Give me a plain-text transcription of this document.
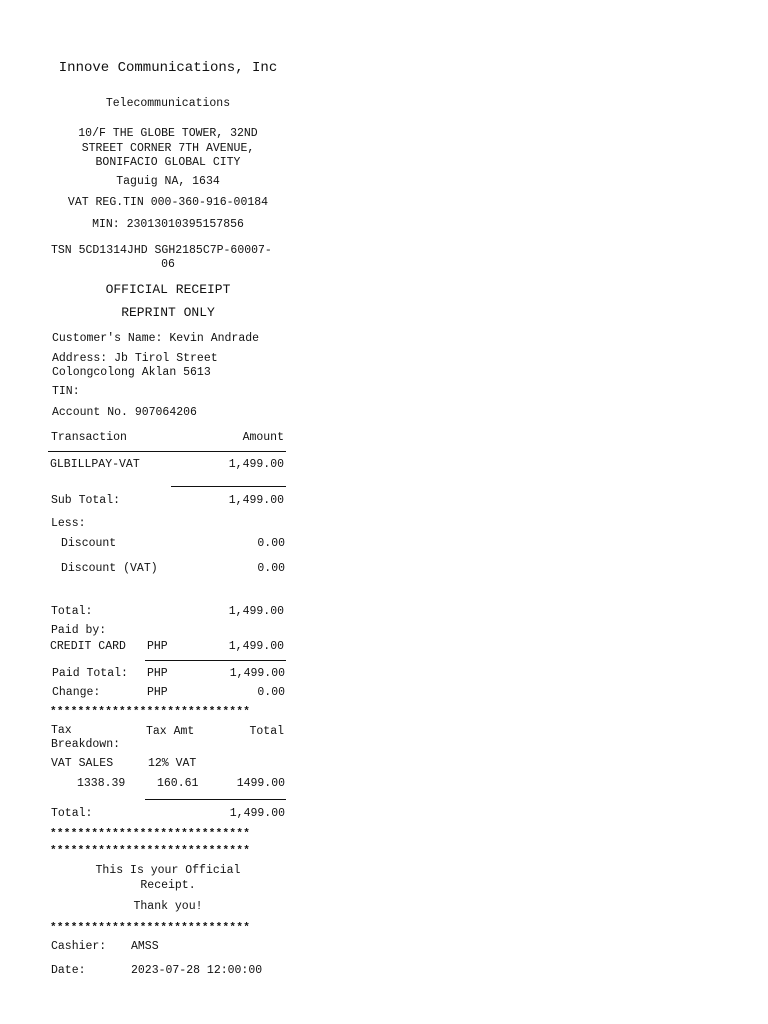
Innove Communications, Inc
Telecommunications
10/F THE GLOBE TOWER, 32ND
STREET CORNER 7TH AVENUE,
BONIFACIO GLOBAL CITY
Taguig NA, 1634
VAT REG.TIN 000-360-916-00184
MIN: 23013010395157856
TSN 5CD1314JHD SGH2185C7P-60007-
06
OFFICIAL RECEIPT
REPRINT ONLY
Customer's Name: Kevin Andrade
Address: Jb Tirol Street
Colongcolong Aklan 5613
TIN:
Account No. 907064206
Transaction	Amount
GLBILLPAY-VAT	1,499.00
Sub Total:	1,499.00
Less:
Discount	0.00
Discount (VAT)	0.00
Total:	1,499.00
Paid by:
CREDIT CARD PHP	1,499.00
Paid Total: PHP	1,499.00
Change:	PHP	0.00
*****************************
Tax
Breakdown:
Tax Amt	Total
VAT SALES	12% VAT
1338.39	160.61	1499.00
Total:	1,499.00
*****************************
*****************************
This Is your Official
Receipt.
Thank you!
*****************************
Cashier: AMSS
Date:	2023-07-28 12:00:00
